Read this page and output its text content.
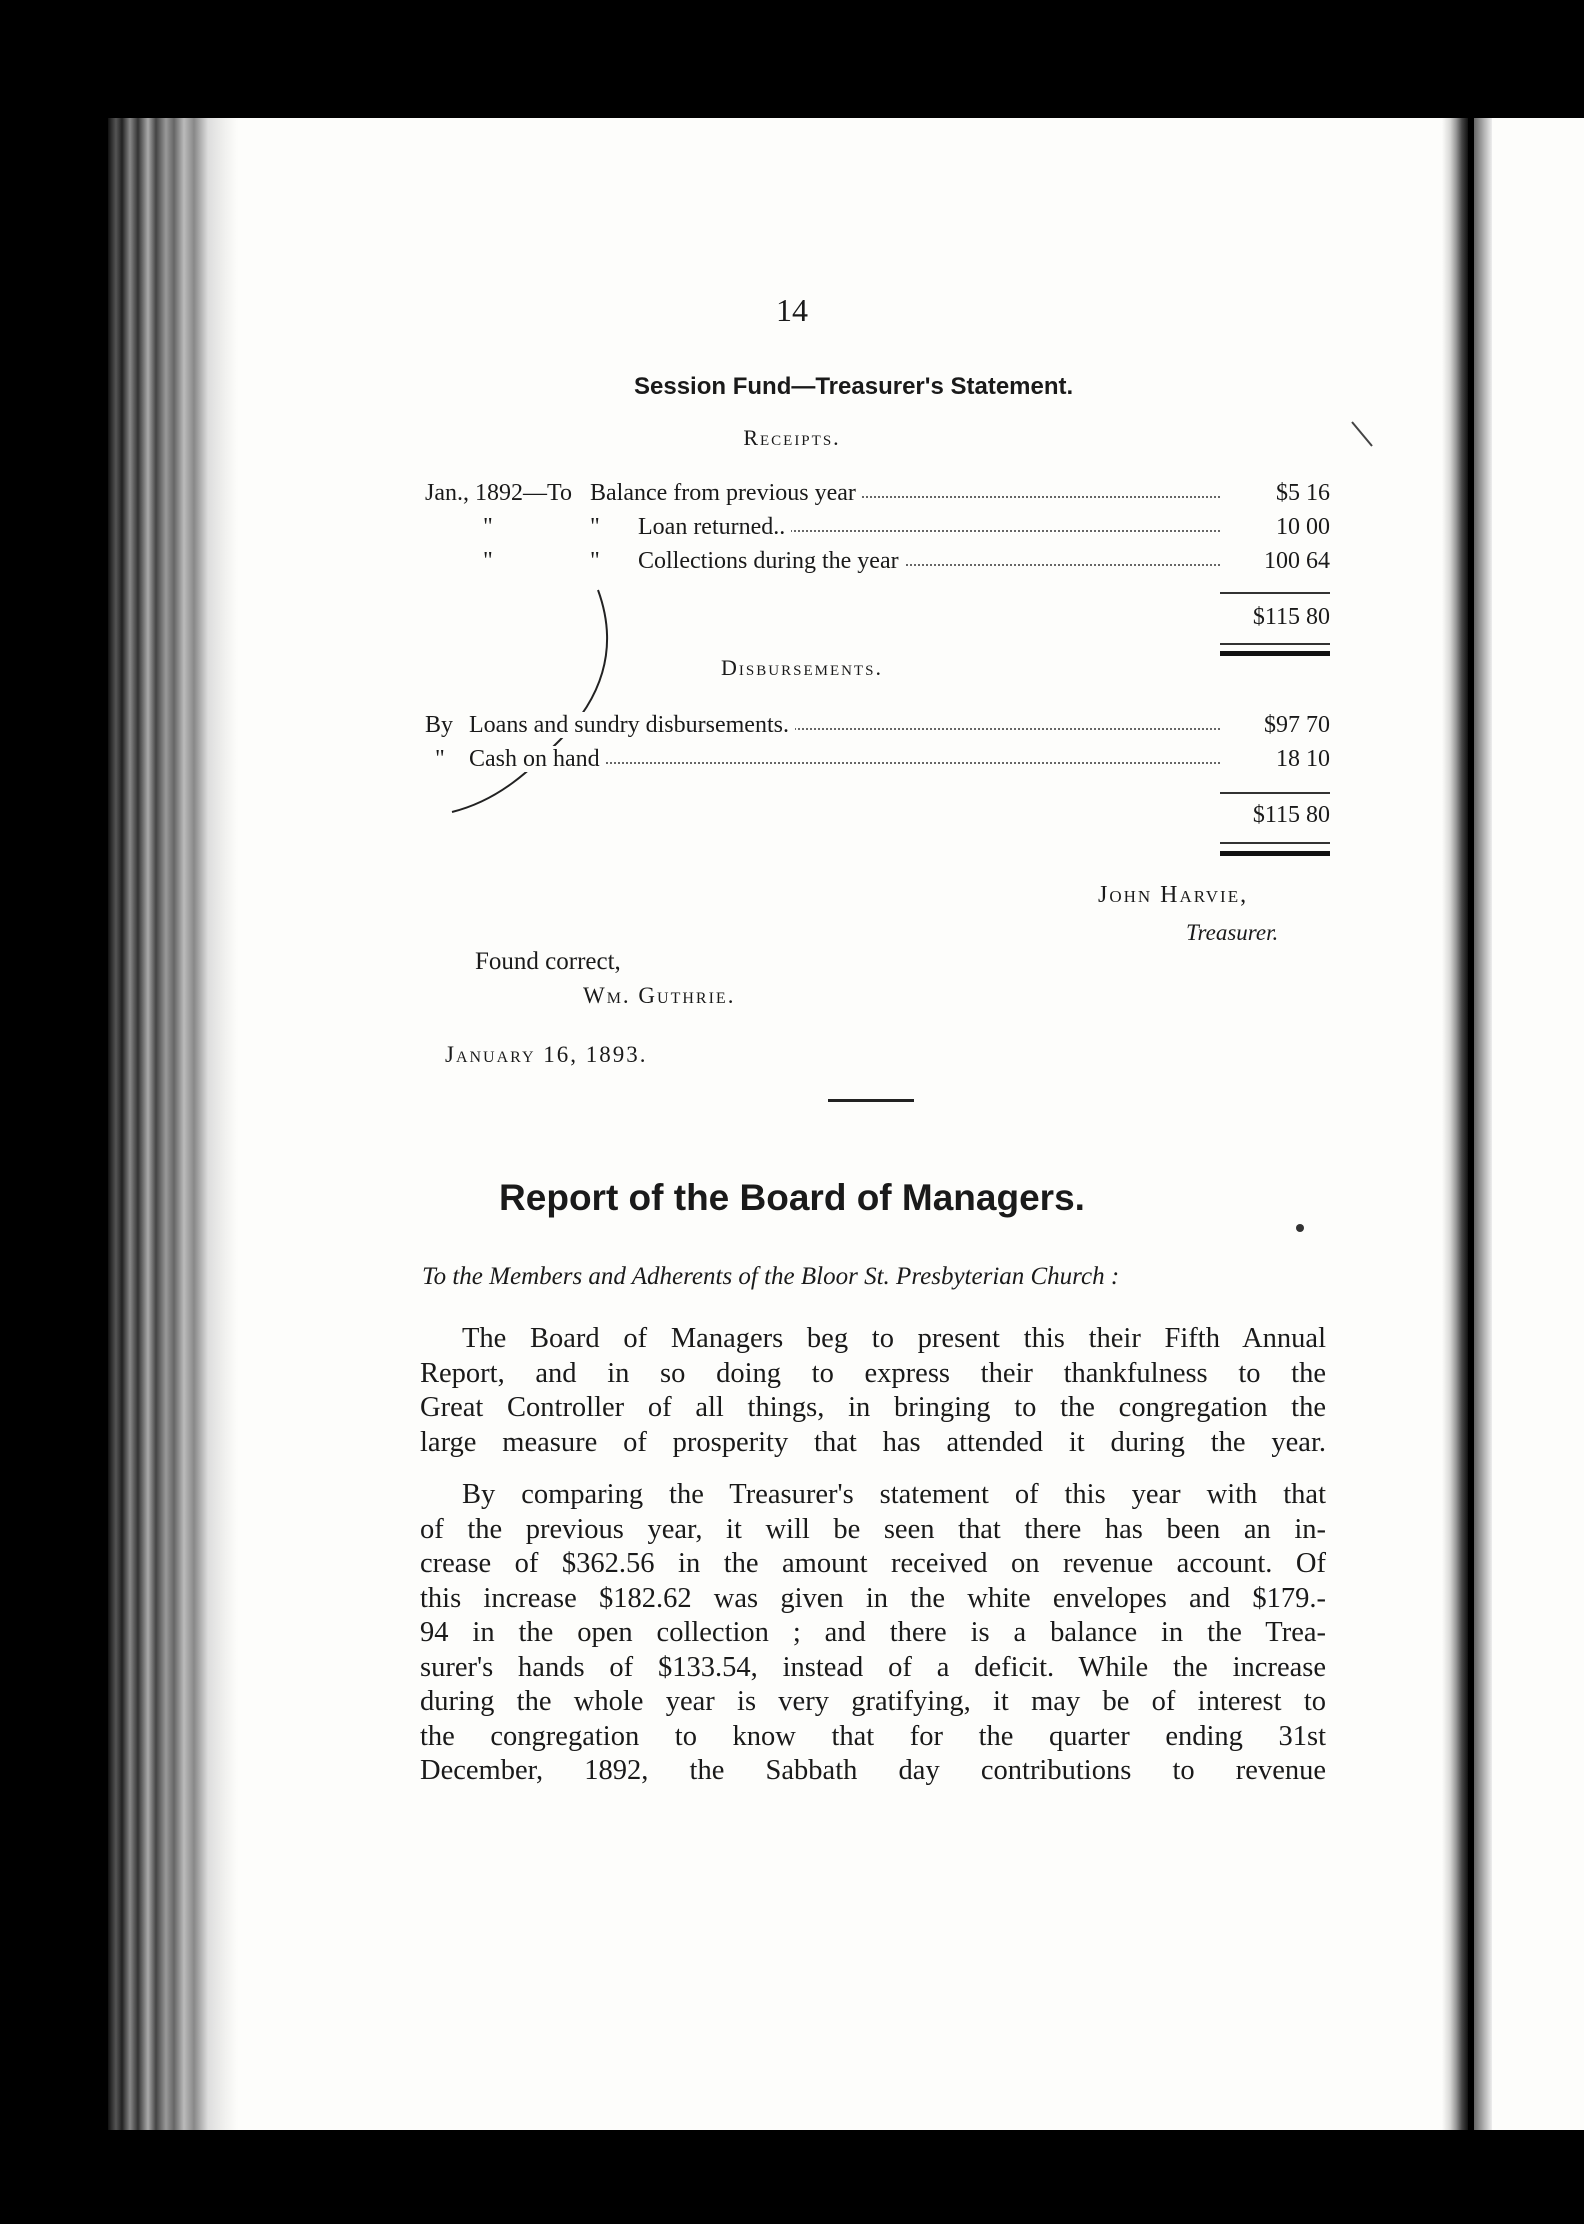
14
Session Fund—Treasurer's Statement.
Receipts.
Jan., 1892—To Balance from previous year	$5 16
"	" Loan returned..	10 00
"	" Collections during the year	100 64
$115 80
Disbursements.
By Loans and sundry disbursements.	$97 70
" Cash on hand	18 10
$115 80
John Harvie,
Treasurer.
Found correct,
Wm. Guthrie.
January 16, 1893.
Report of the Board of Managers.
To the Members and Adherents of the Bloor St. Presbyterian Church :
The Board of Managers beg to present this their Fifth Annual
Report, and in so doing to express their thankfulness to the
Great Controller of all things, in bringing to the congregation the
large measure of prosperity that has attended it during the year.
By comparing the Treasurer's statement of this year with that
of the previous year, it will be seen that there has been an in-
crease of $362.56 in the amount received on revenue account. Of
this increase $182.62 was given in the white envelopes and $179.-
94 in the open collection ; and there is a balance in the Trea-
surer's hands of $133.54, instead of a deficit. While the increase
during the whole year is very gratifying, it may be of interest to
the congregation to know that for the quarter ending 31st
December, 1892, the Sabbath day contributions to revenue
